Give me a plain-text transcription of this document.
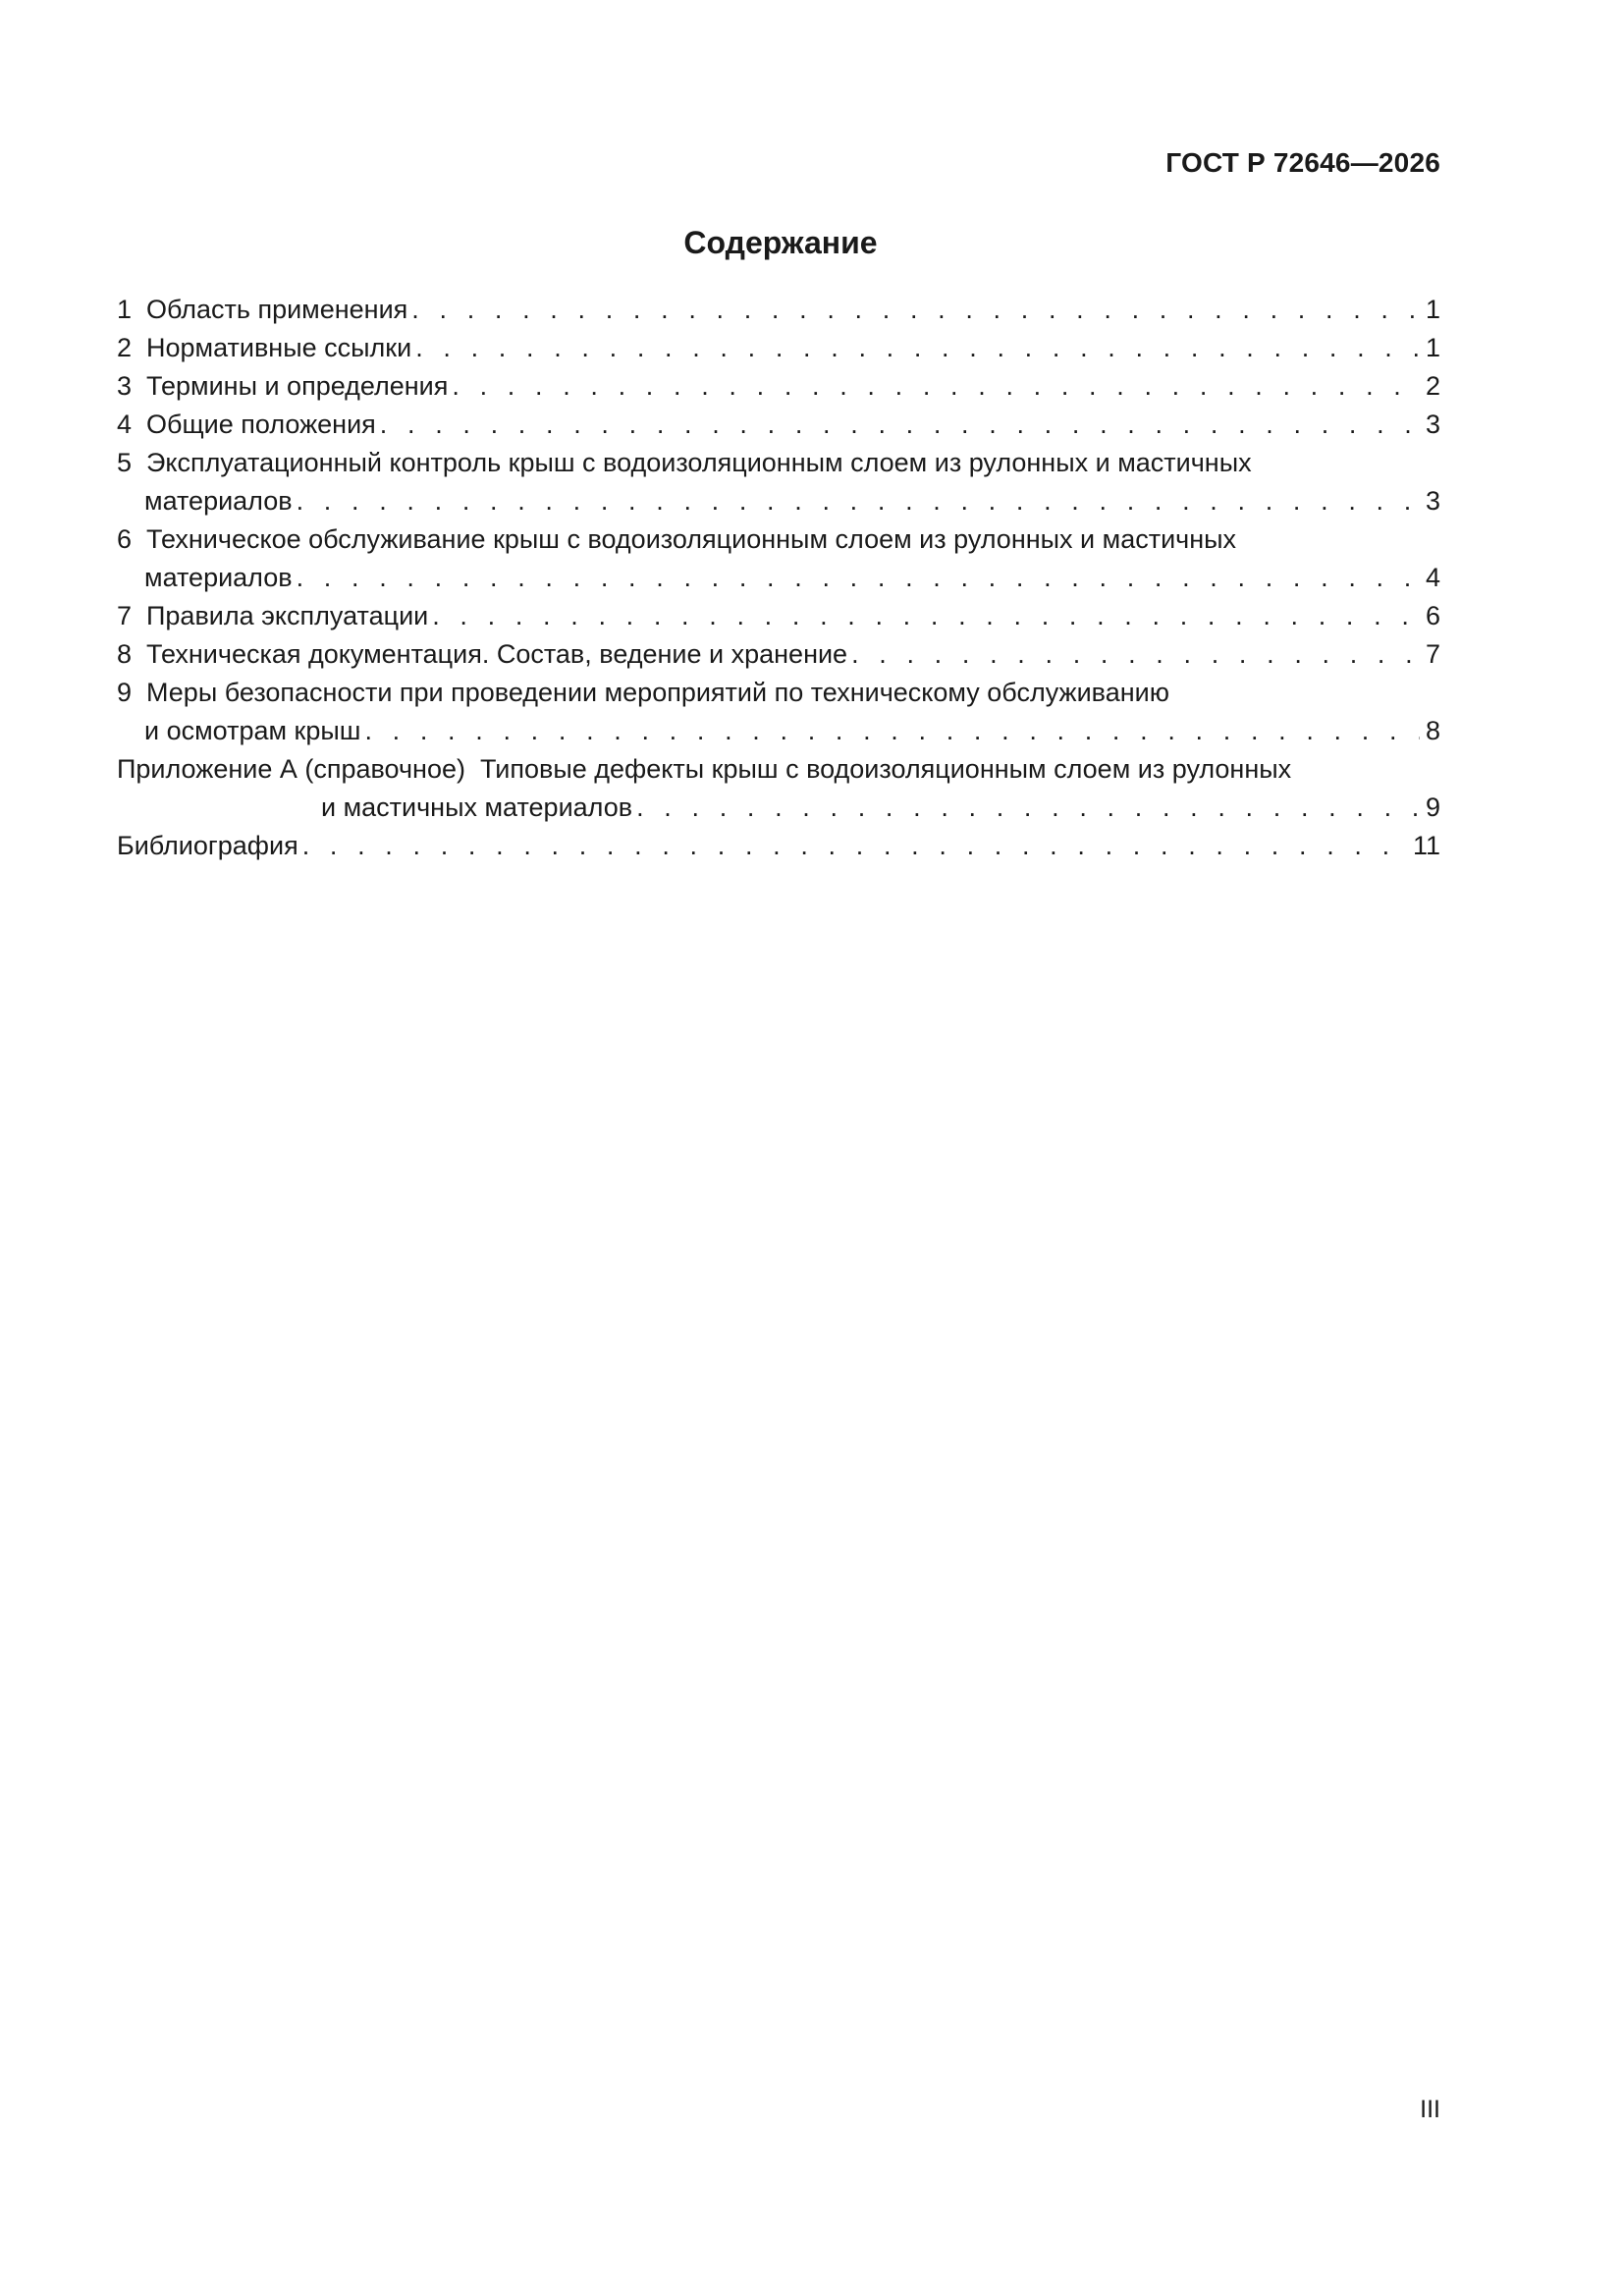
ГОСТ Р 72646—2026
Содержание
1 Область применения . . .	1
2 Нормативные ссылки . . .	1
3 Термины и определения . . .	2
4 Общие положения . . .	3
5 Эксплуатационный контроль крыш с водоизоляционным слоем из рулонных и мастичных
материалов . . .	3
6 Техническое обслуживание крыш с водоизоляционным слоем из рулонных и мастичных
материалов . . .	4
7 Правила эксплуатации . . .	6
8 Техническая документация. Состав, ведение и хранение . . .	7
9 Меры безопасности при проведении мероприятий по техническому обслуживанию
и осмотрам крыш . . .	8
Приложение А (справочное)  Типовые дефекты крыш с водоизоляционным слоем из рулонных
и мастичных материалов . . .	9
Библиография . . .	11
III
